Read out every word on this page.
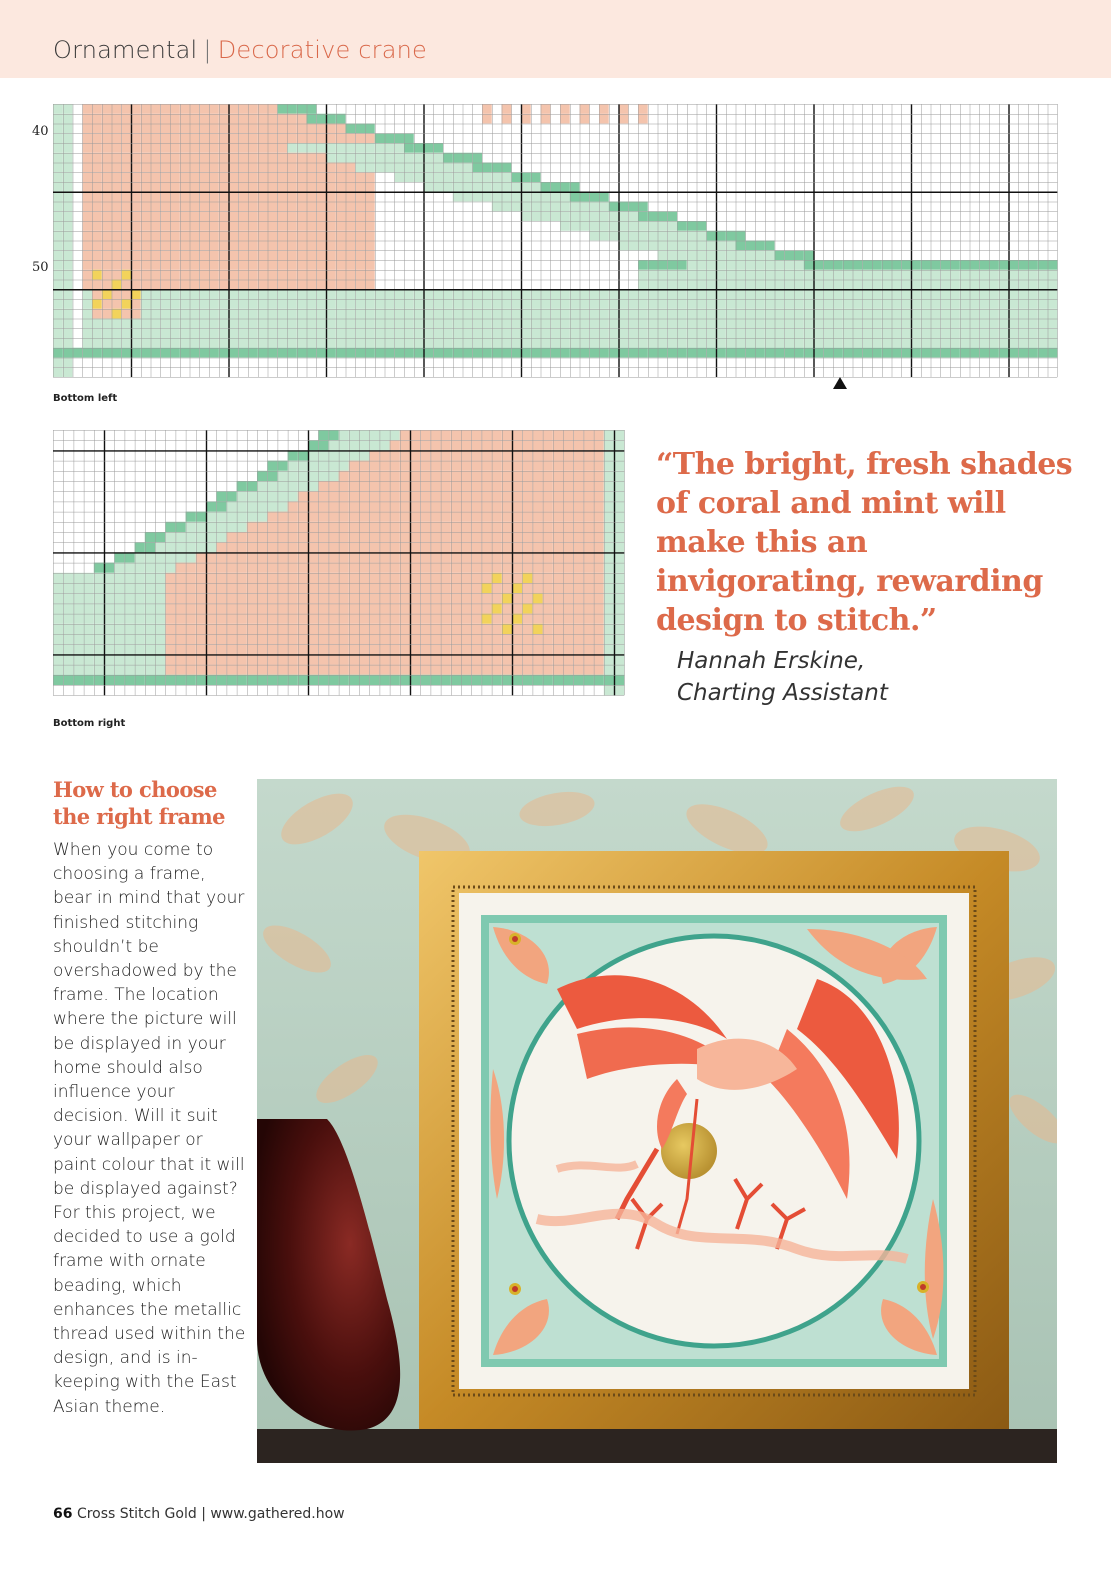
Ornamental | Decorative crane
40
50
Bottom left
Bottom right
“The bright, fresh shades of coral and mint will make this an invigorating, rewarding design to stitch.”
Hannah Erskine,
Charting Assistant
How to choose the right frame
When you come to choosing a frame, bear in mind that your finished stitching shouldn’t be overshadowed by the frame. The location where the picture will be displayed in your home should also influence your decision. Will it suit your wallpaper or paint colour that it will be displayed against? For this project, we decided to use a gold frame with ornate beading, which enhances the metallic thread used within the design, and is in-keeping with the East Asian theme.
66 Cross Stitch Gold | www.gathered.how
